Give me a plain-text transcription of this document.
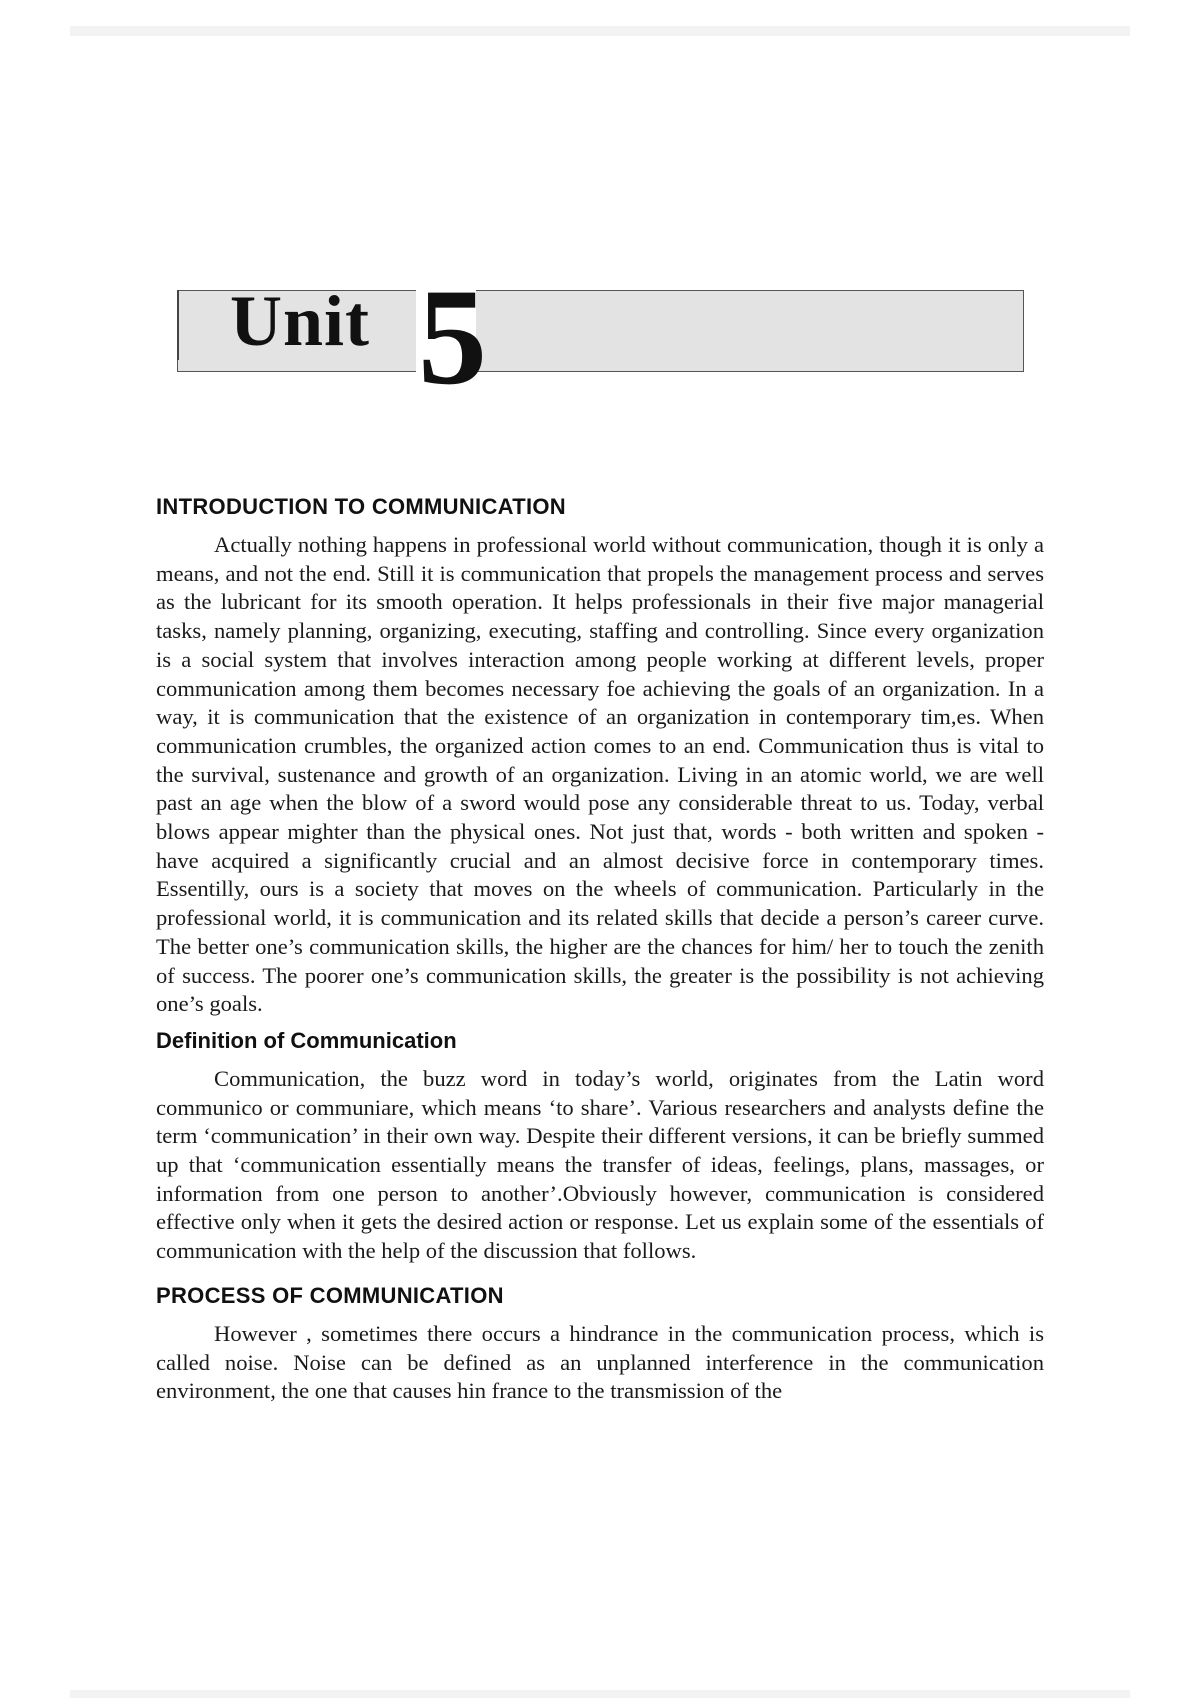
Unit 5
INTRODUCTION TO COMMUNICATION

Actually nothing happens in professional world without communication, though it is only a means, and not the end. Still it is communication that propels the management process and serves as the lubricant for its smooth operation. It helps professionals in their five major managerial tasks, namely planning, organizing, executing, staffing and controlling. Since every organization is a social system that involves interaction among people working at different levels, proper communication among them becomes necessary foe achieving the goals of an organization. In a way, it is communication that the existence of an organization in contemporary tim,es. When communication crumbles, the organized action comes to an end. Communication thus is vital to the survival, sustenance and growth of an organization. Living in an atomic world, we are well past an age when the blow of a sword would pose any considerable threat to us. Today, verbal blows appear mighter than the physical ones. Not just that, words - both written and spoken - have acquired a significantly crucial and an almost decisive force in contemporary times. Essentilly, ours is a society that moves on the wheels of communication. Particularly in the professional world, it is communication and its related skills that decide a person’s career curve. The better one’s communication skills, the higher are the chances for him/ her to touch the zenith of success. The poorer one’s communication skills, the greater is the possibility is not achieving one’s goals.

Definition of Communication

Communication, the buzz word in today’s world, originates from the Latin word communico or communiare, which means ‘to share’. Various researchers and analysts define the term ‘communication’ in their own way. Despite their different versions, it can be briefly summed up that ‘communication essentially means the transfer of ideas, feelings, plans, massages, or information from one person to another’.Obviously however, communication is considered effective only when it gets the desired action or response. Let us explain some of the essentials of communication with the help of the discussion that follows.

PROCESS OF COMMUNICATION

However , sometimes there occurs a hindrance in the communication process, which is called noise. Noise can be defined as an unplanned interference in the communication environment, the one that causes hin france to the transmission of the
